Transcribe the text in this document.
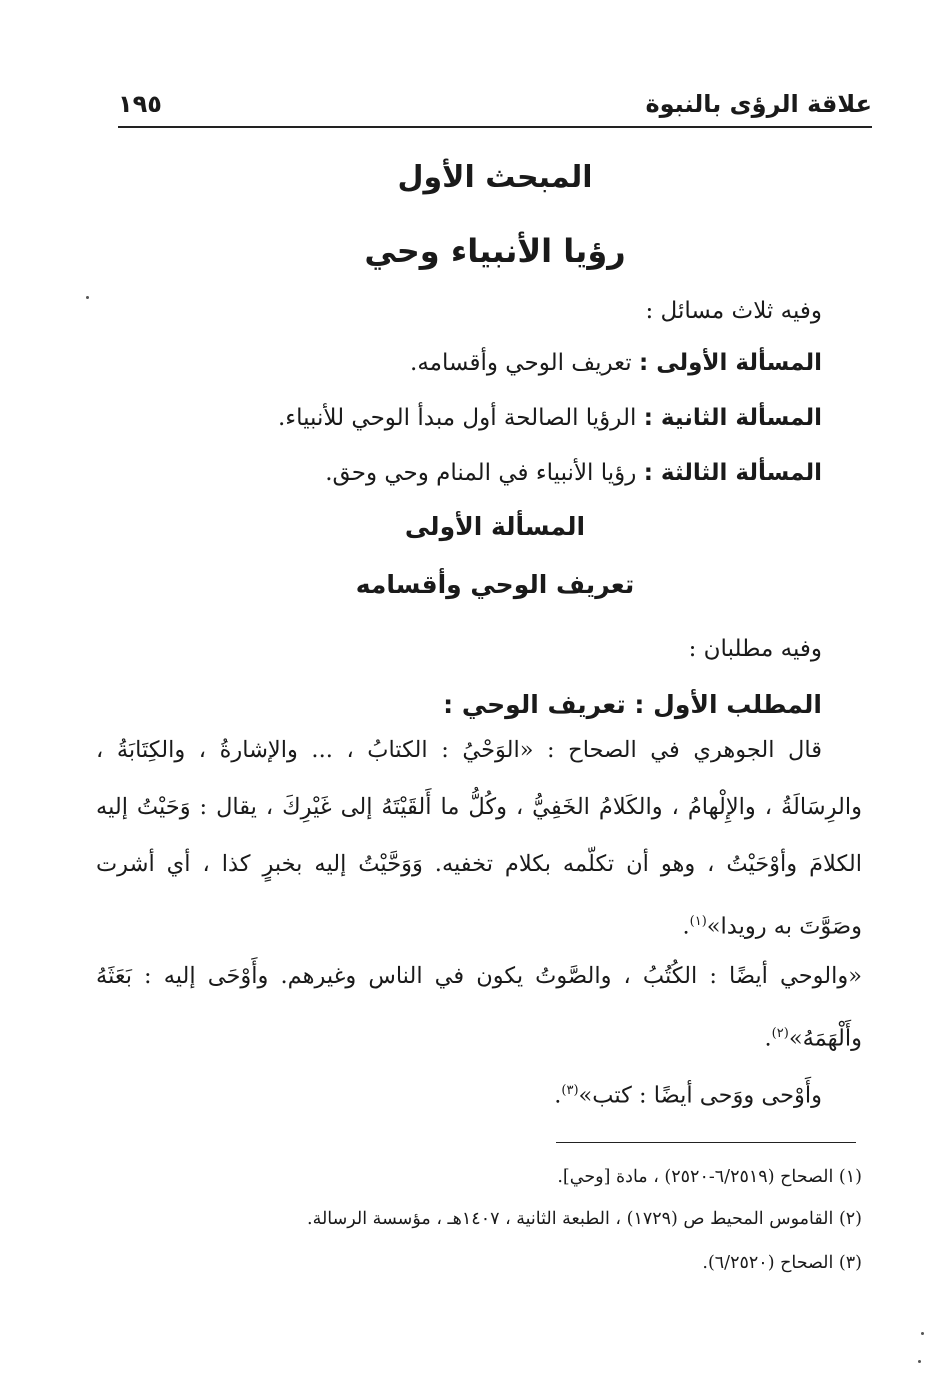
علاقة الرؤى بالنبوة
١٩٥
المبحث الأول
رؤيا الأنبياء وحي
وفيه ثلاث مسائل :
المسألة الأولى : تعريف الوحي وأقسامه.
المسألة الثانية : الرؤيا الصالحة أول مبدأ الوحي للأنبياء.
المسألة الثالثة : رؤيا الأنبياء في المنام وحي وحق.
المسألة الأولى
تعريف الوحي وأقسامه
وفيه مطلبان :
المطلب الأول : تعريف الوحي :
قال الجوهري في الصحاح : «الوَحْيُ : الكتابُ ، ... والإشارةُ ، والكِتَابَةُ ، والرِسَالَةُ ، والإِلْهامُ ، والكَلامُ الخَفِيُّ ، وكُلُّ ما أَلقَيْتَهُ إلى غَيْرِكَ ، يقال : وَحَيْتُ إليه الكلامَ وأوْحَيْتُ ، وهو أن تكلّمه بكلام تخفيه. وَوَحَّيْتُ إليه بخبرٍ كذا ، أي أشرت وصَوَّتَ به رويدا»$^{(١)}$.
«والوحي أيضًا : الكُتُبُ ، والصَّوتُ يكون في الناس وغيرهم. وأَوْحَى إليه : بَعَثَهُ وأَلْهَمَهُ»$^{(٢)}$.
وأَوْحى ووَحى أيضًا : كتب»$^{(٣)}$.
(١) الصحاح (٦/٢٥١٩-٢٥٢٠) ، مادة [وحي].
(٢) القاموس المحيط ص (١٧٢٩) ، الطبعة الثانية ، ١٤٠٧هـ ، مؤسسة الرسالة.
(٣) الصحاح (٦/٢٥٢٠).
